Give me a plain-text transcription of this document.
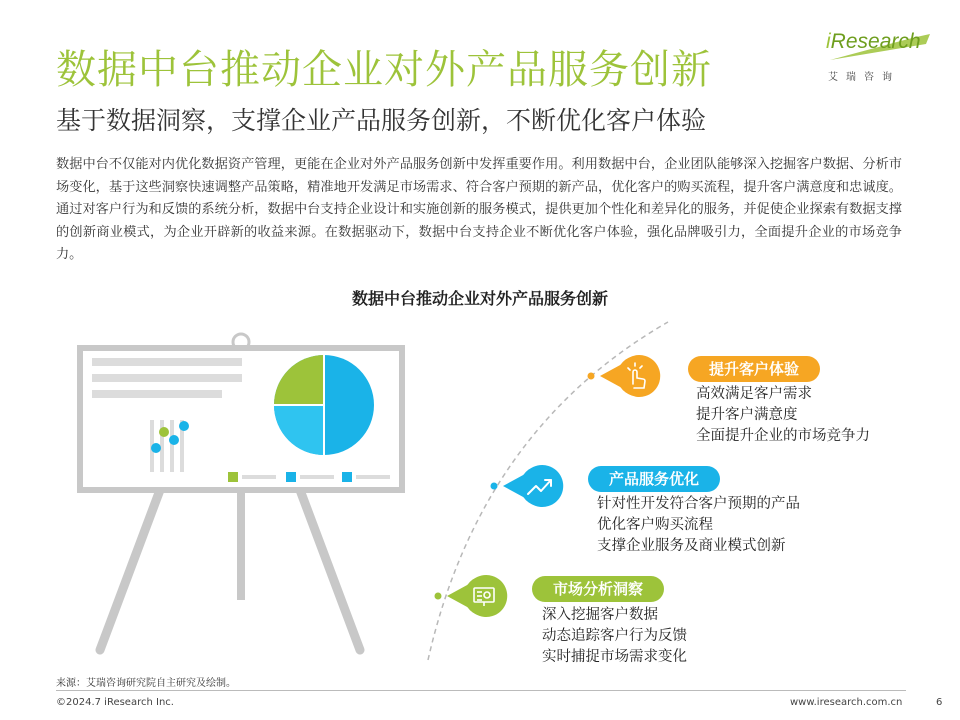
数据中台推动企业对外产品服务创新
基于数据洞察，支撑企业产品服务创新，不断优化客户体验
iResearch
艾瑞咨询
数据中台不仅能对内优化数据资产管理，更能在企业对外产品服务创新中发挥重要作用。利用数据中台，企业团队能够深入挖掘客户数据、分析市场变化，基于这些洞察快速调整产品策略，精准地开发满足市场需求、符合客户预期的新产品，优化客户的购买流程，提升客户满意度和忠诚度。通过对客户行为和反馈的系统分析，数据中台支持企业设计和实施创新的服务模式，提供更加个性化和差异化的服务，并促使企业探索有数据支撑的创新商业模式，为企业开辟新的收益来源。在数据驱动下，数据中台支持企业不断优化客户体验，强化品牌吸引力，全面提升企业的市场竞争力。
数据中台推动企业对外产品服务创新
提升客户体验
高效满足客户需求
提升客户满意度
全面提升企业的市场竞争力
产品服务优化
针对性开发符合客户预期的产品
优化客户购买流程
支撑企业服务及商业模式创新
市场分析洞察
深入挖掘客户数据
动态追踪客户行为反馈
实时捕捉市场需求变化
来源：艾瑞咨询研究院自主研究及绘制。
©2024.7 iResearch Inc.	www.iresearch.com.cn	6
